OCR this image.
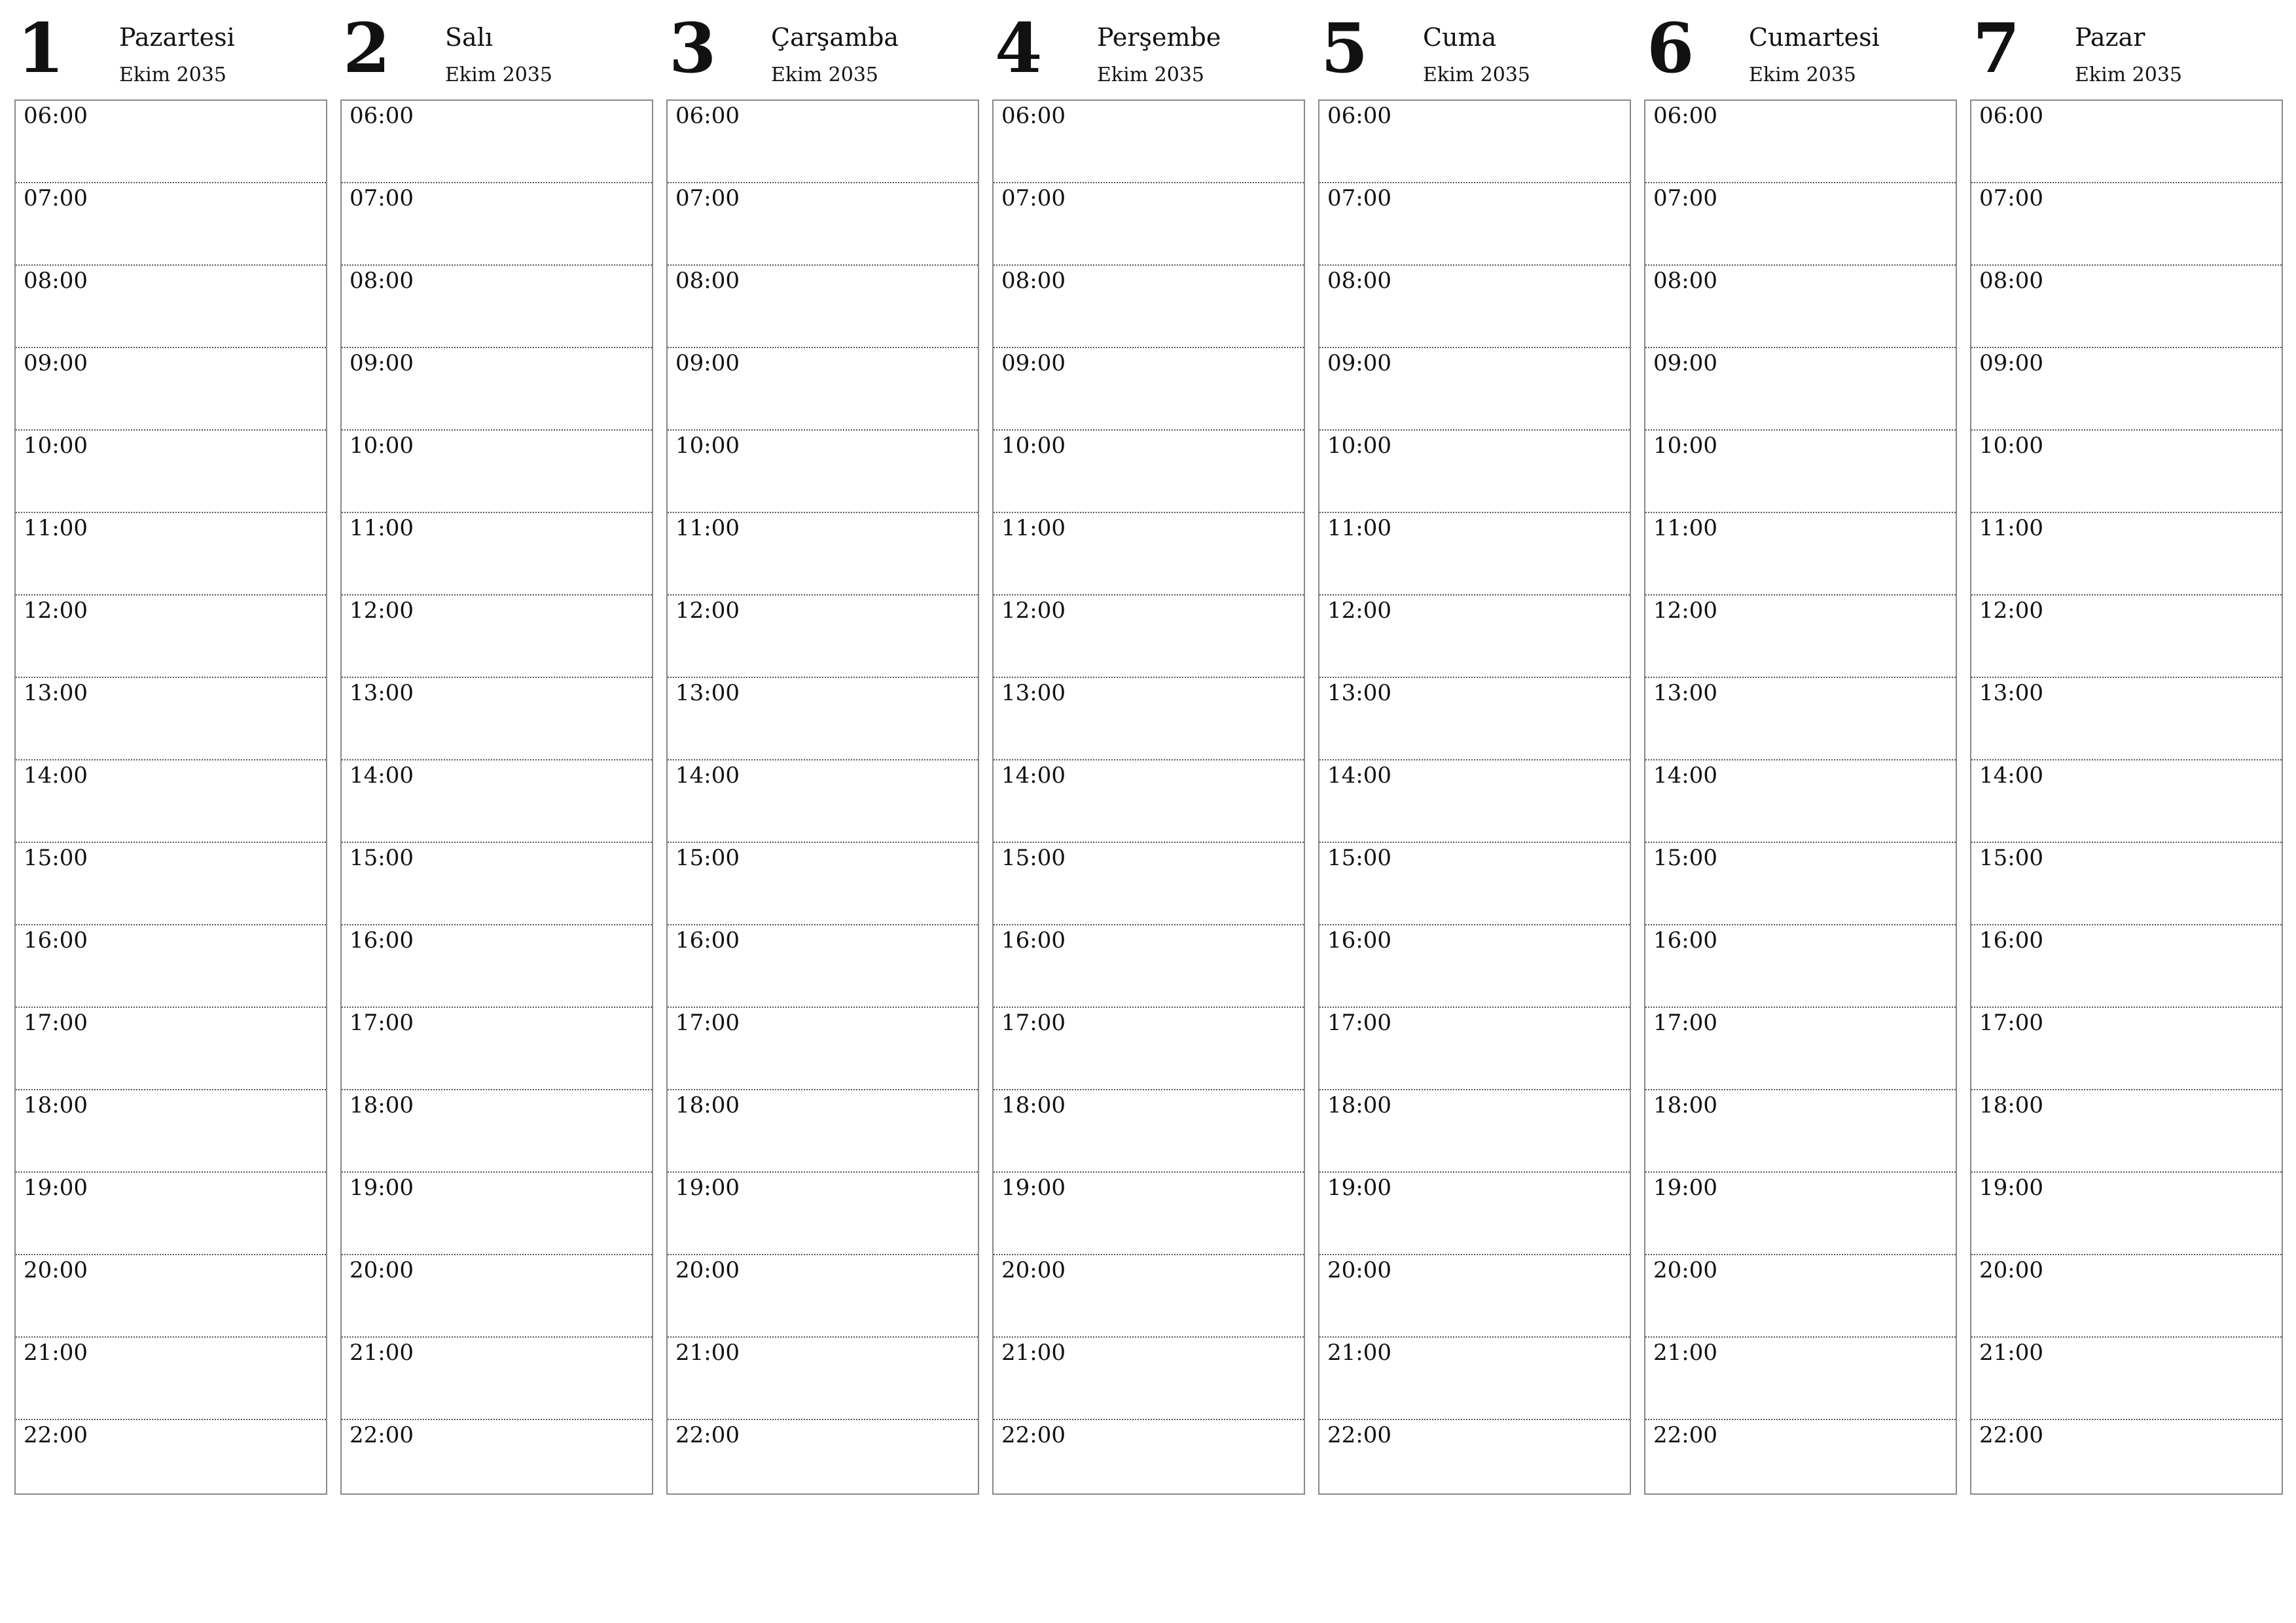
1 Pazartesi
Ekim 2035
06:00
07:00
08:00
09:00
10:00
11:00
12:00
13:00
14:00
15:00
16:00
17:00
18:00
19:00
20:00
21:00
22:00
2 Salı
Ekim 2035
06:00
07:00
08:00
09:00
10:00
11:00
12:00
13:00
14:00
15:00
16:00
17:00
18:00
19:00
20:00
21:00
22:00
3 Çarşamba
Ekim 2035
06:00
07:00
08:00
09:00
10:00
11:00
12:00
13:00
14:00
15:00
16:00
17:00
18:00
19:00
20:00
21:00
22:00
4 Perşembe
Ekim 2035
06:00
07:00
08:00
09:00
10:00
11:00
12:00
13:00
14:00
15:00
16:00
17:00
18:00
19:00
20:00
21:00
22:00
5 Cuma
Ekim 2035
06:00
07:00
08:00
09:00
10:00
11:00
12:00
13:00
14:00
15:00
16:00
17:00
18:00
19:00
20:00
21:00
22:00
6 Cumartesi
Ekim 2035
06:00
07:00
08:00
09:00
10:00
11:00
12:00
13:00
14:00
15:00
16:00
17:00
18:00
19:00
20:00
21:00
22:00
7 Pazar
Ekim 2035
06:00
07:00
08:00
09:00
10:00
11:00
12:00
13:00
14:00
15:00
16:00
17:00
18:00
19:00
20:00
21:00
22:00
